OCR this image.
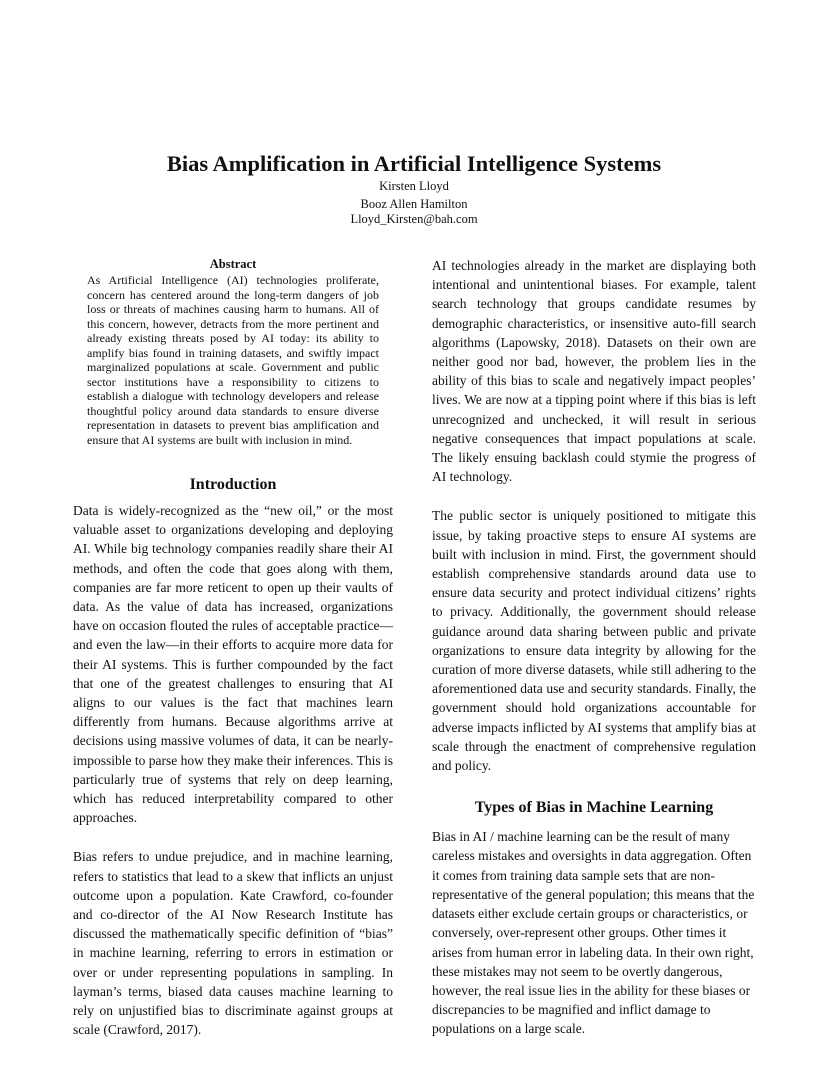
Bias Amplification in Artificial Intelligence Systems
Kirsten Lloyd
Booz Allen Hamilton
Lloyd_Kirsten@bah.com
Abstract

As Artificial Intelligence (AI) technologies proliferate, concern has centered around the long-term dangers of job loss or threats of machines causing harm to humans. All of this concern, however, detracts from the more pertinent and already existing threats posed by AI today: its ability to amplify bias found in training datasets, and swiftly impact marginalized populations at scale. Government and public sector institutions have a responsibility to citizens to establish a dialogue with technology developers and release thoughtful policy around data standards to ensure diverse representation in datasets to prevent bias amplification and ensure that AI systems are built with inclusion in mind.

Introduction

Data is widely-recognized as the “new oil,” or the most valuable asset to organizations developing and deploying AI. While big technology companies readily share their AI methods, and often the code that goes along with them, companies are far more reticent to open up their vaults of data. As the value of data has increased, organizations have on occasion flouted the rules of acceptable practice—and even the law—in their efforts to acquire more data for their AI systems. This is further compounded by the fact that one of the greatest challenges to ensuring that AI aligns to our values is the fact that machines learn differently from humans. Because algorithms arrive at decisions using massive volumes of data, it can be nearly-impossible to parse how they make their inferences. This is particularly true of systems that rely on deep learning, which has reduced interpretability compared to other approaches.

Bias refers to undue prejudice, and in machine learning, refers to statistics that lead to a skew that inflicts an unjust outcome upon a population. Kate Crawford, co-founder and co-director of the AI Now Research Institute has discussed the mathematically specific definition of “bias” in machine learning, referring to errors in estimation or over or under representing populations in sampling. In layman’s terms, biased data causes machine learning to rely on unjustified bias to discriminate against groups at scale (Crawford, 2017).

AI technologies already in the market are displaying both intentional and unintentional biases. For example, talent search technology that groups candidate resumes by demographic characteristics, or insensitive auto-fill search algorithms (Lapowsky, 2018). Datasets on their own are neither good nor bad, however, the problem lies in the ability of this bias to scale and negatively impact peoples’ lives. We are now at a tipping point where if this bias is left unrecognized and unchecked, it will result in serious negative consequences that impact populations at scale. The likely ensuing backlash could stymie the progress of AI technology.

The public sector is uniquely positioned to mitigate this issue, by taking proactive steps to ensure AI systems are built with inclusion in mind. First, the government should establish comprehensive standards around data use to ensure data security and protect individual citizens’ rights to privacy. Additionally, the government should release guidance around data sharing between public and private organizations to ensure data integrity by allowing for the curation of more diverse datasets, while still adhering to the aforementioned data use and security standards. Finally, the government should hold organizations accountable for adverse impacts inflicted by AI systems that amplify bias at scale through the enactment of comprehensive regulation and policy.

Types of Bias in Machine Learning

Bias in AI / machine learning can be the result of many careless mistakes and oversights in data aggregation. Often it comes from training data sample sets that are non-representative of the general population; this means that the datasets either exclude certain groups or characteristics, or conversely, over-represent other groups. Other times it arises from human error in labeling data. In their own right, these mistakes may not seem to be overtly dangerous, however, the real issue lies in the ability for these biases or discrepancies to be magnified and inflict damage to populations on a large scale.
